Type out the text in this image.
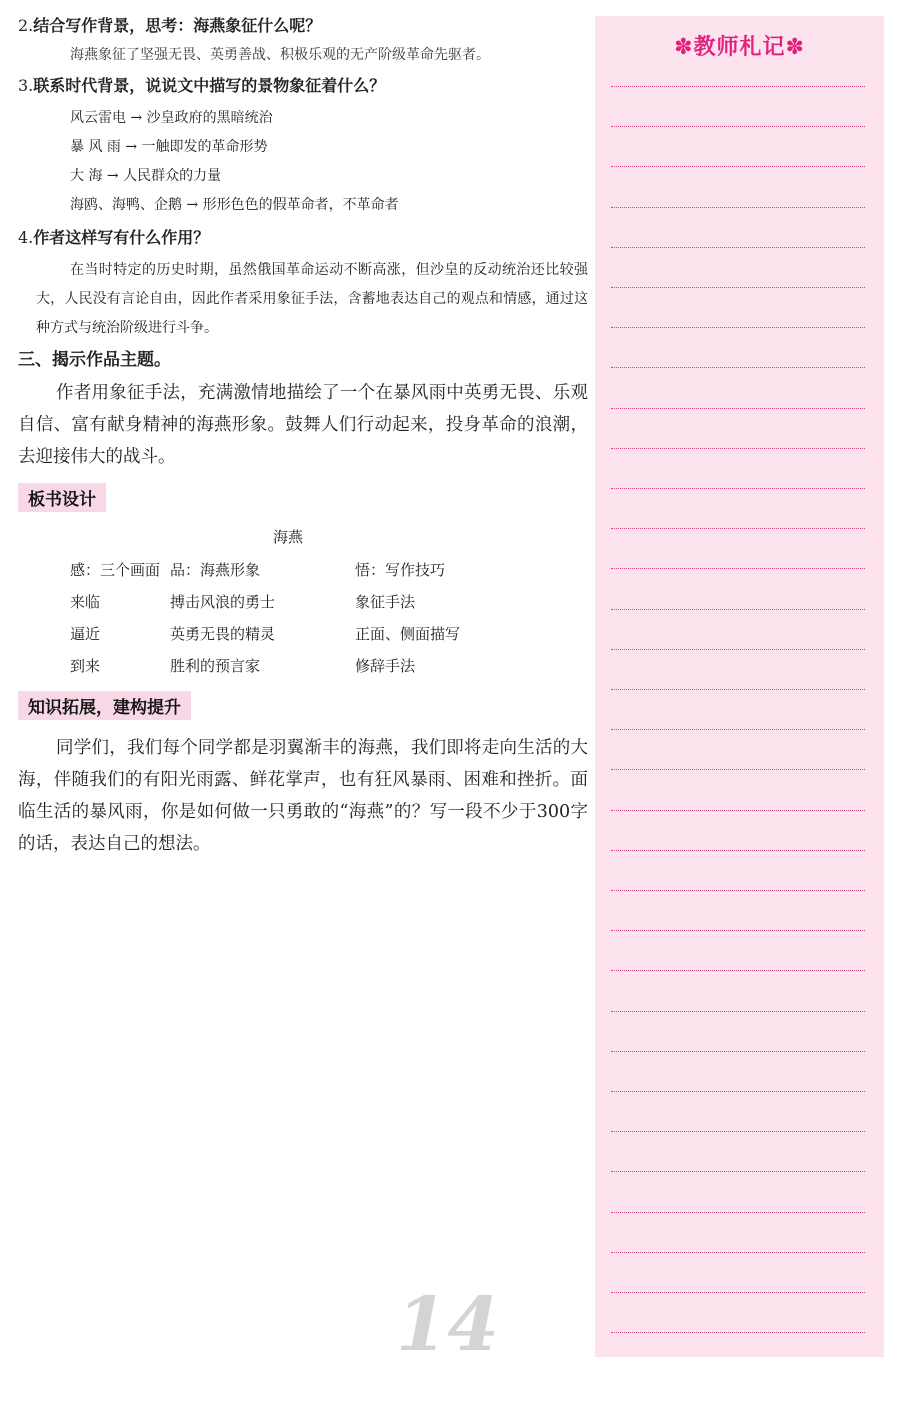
2.结合写作背景，思考：海燕象征什么呢？

海燕象征了坚强无畏、英勇善战、积极乐观的无产阶级革命先驱者。

3.联系时代背景，说说文中描写的景物象征着什么？

风云雷电 → 沙皇政府的黑暗统治

暴 风 雨 → 一触即发的革命形势

大 海 → 人民群众的力量

海鸥、海鸭、企鹅 → 形形色色的假革命者，不革命者

4.作者这样写有什么作用？

在当时特定的历史时期，虽然俄国革命运动不断高涨，但沙皇的反动统治还比较强大，人民没有言论自由，因此作者采用象征手法，含蓄地表达自己的观点和情感，通过这种方式与统治阶级进行斗争。

三、揭示作品主题。

作者用象征手法，充满激情地描绘了一个在暴风雨中英勇无畏、乐观自信、富有献身精神的海燕形象。鼓舞人们行动起来，投身革命的浪潮，去迎接伟大的战斗。

板书设计
海燕
感：三个画面	品：海燕形象	悟：写作技巧
来临	搏击风浪的勇士	象征手法
逼近	英勇无畏的精灵	正面、侧面描写
到来	胜利的预言家	修辞手法
知识拓展，建构提升

同学们，我们每个同学都是羽翼渐丰的海燕，我们即将走向生活的大海，伴随我们的有阳光雨露、鲜花掌声，也有狂风暴雨、困难和挫折。面临生活的暴风雨，你是如何做一只勇敢的“海燕”的？写一段不少于300字的话，表达自己的想法。

✽教师札记✽
14
